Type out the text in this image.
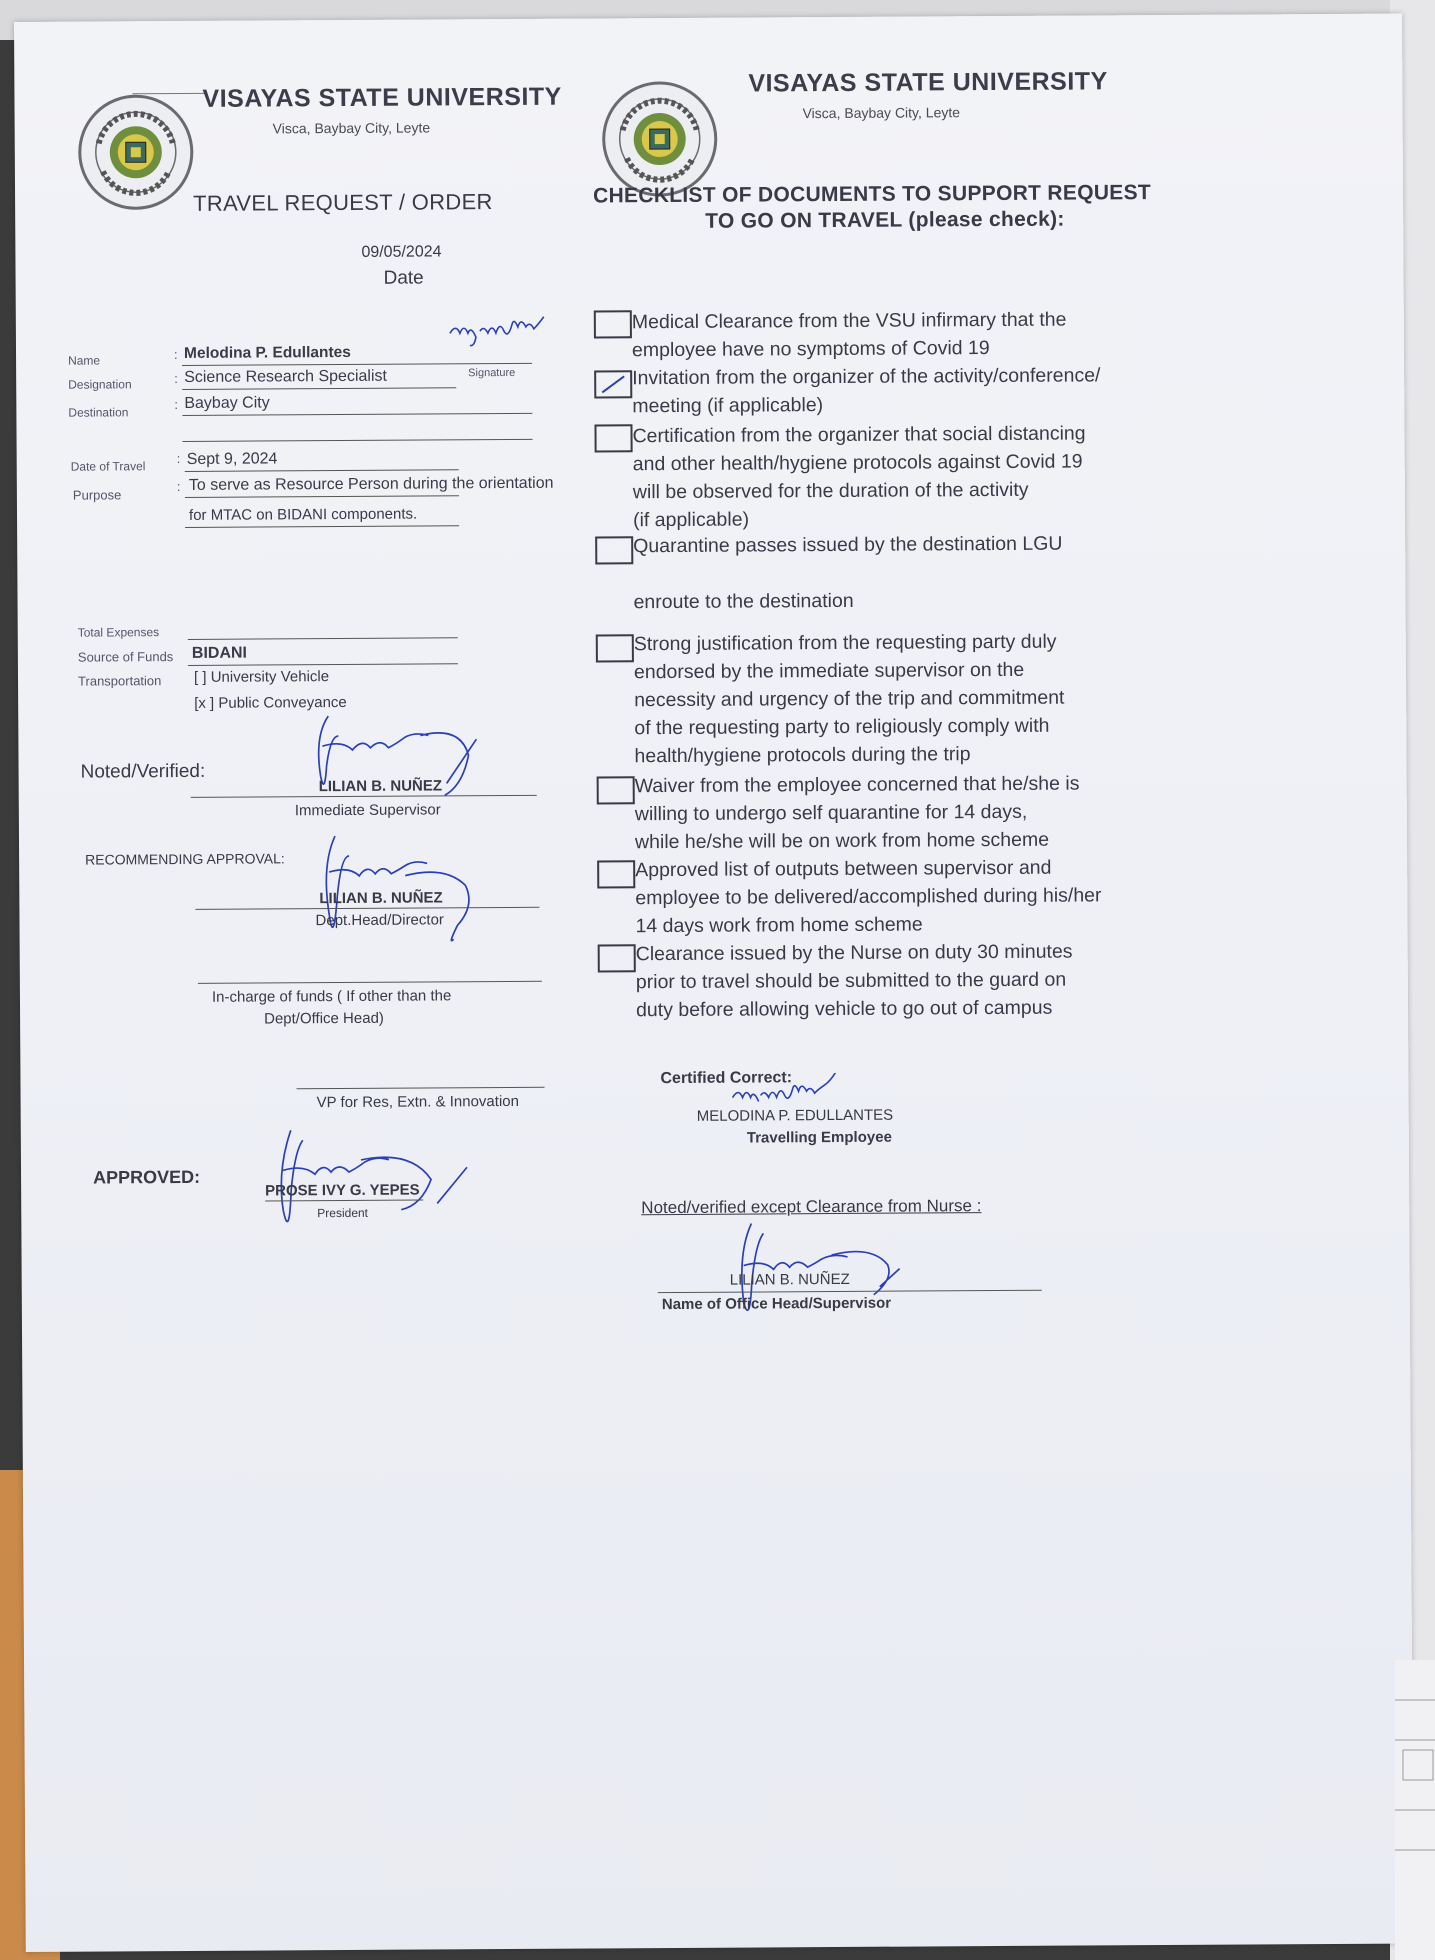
VISAYAS STATE UNIVERSITY
Visca, Baybay City, Leyte
TRAVEL REQUEST / ORDER
09/05/2024
Date
Name	: Melodina P. Edullantes
Signature
Designation	: Science Research Specialist
Destination
: Baybay City
Date of Travel
: Sept 9, 2024
Purpose
: To serve as Resource Person during the orientation
for MTAC on BIDANI components.
Total Expenses
Source of Funds BIDANI
Transportation [ ] University Vehicle
[x ] Public Conveyance
Noted/Verified:
LILIAN B. NUÑEZ
Immediate Supervisor
RECOMMENDING APPROVAL:
LILIAN B. NUÑEZ
Dept.Head/Director
In-charge of funds ( If other than the
Dept/Office Head)
VP for Res, Extn. & Innovation
APPROVED:
PROSE IVY G. YEPES
President
VISAYAS STATE UNIVERSITY
Visca, Baybay City, Leyte
CHECKLIST OF DOCUMENTS TO SUPPORT REQUEST
TO GO ON TRAVEL (please check):
Medical Clearance from the VSU infirmary that the
employee have no symptoms of Covid 19
Invitation from the organizer of the activity/conference/
meeting (if applicable)
Certification from the organizer that social distancing
and other health/hygiene protocols against Covid 19
will be observed for the duration of the activity
(if applicable)
Quarantine passes issued by the destination LGU
enroute to the destination
Strong justification from the requesting party duly
endorsed by the immediate supervisor on the
necessity and urgency of the trip and commitment
of the requesting party to religiously comply with
health/hygiene protocols during the trip
Waiver from the employee concerned that he/she is
willing to undergo self quarantine for 14 days,
while he/she will be on work from home scheme
Approved list of outputs between supervisor and
employee to be delivered/accomplished during his/her
14 days work from home scheme
Clearance issued by the Nurse on duty 30 minutes
prior to travel should be submitted to the guard on
duty before allowing vehicle to go out of campus
Certified Correct:
MELODINA P. EDULLANTES
Travelling Employee
Noted/verified except Clearance from Nurse :
LILIAN B. NUÑEZ
Name of Office Head/Supervisor
